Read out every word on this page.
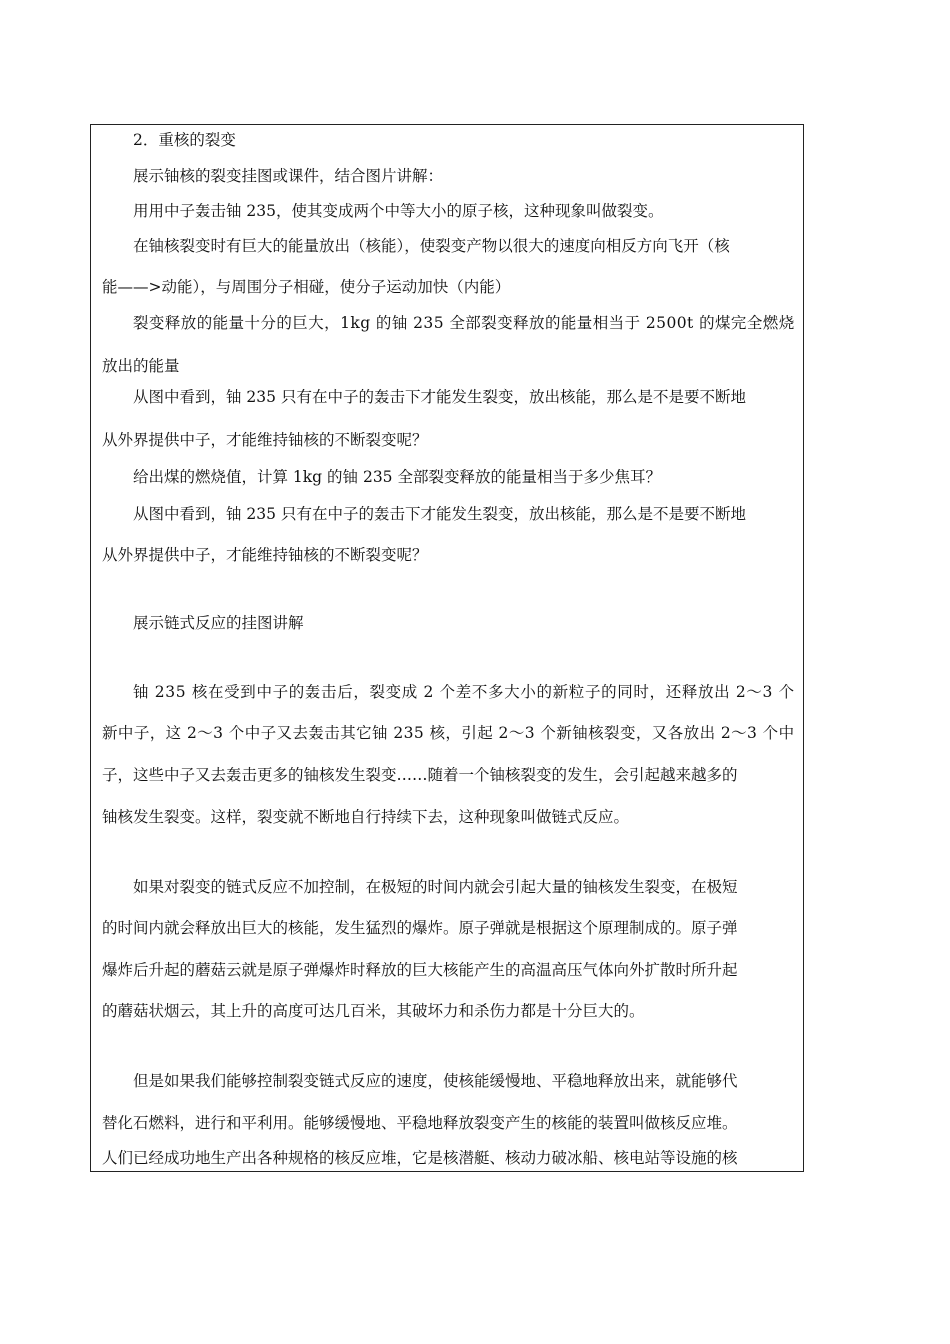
2．重核的裂变
展示铀核的裂变挂图或课件，结合图片讲解：
用用中子轰击铀 235，使其变成两个中等大小的原子核，这种现象叫做裂变。
在铀核裂变时有巨大的能量放出（核能），使裂变产物以很大的速度向相反方向飞开（核
能——>动能），与周围分子相碰，使分子运动加快（内能）
裂变释放的能量十分的巨大，1kg 的铀 235 全部裂变释放的能量相当于 2500t 的煤完全燃烧
放出的能量
从图中看到，铀 235 只有在中子的轰击下才能发生裂变，放出核能，那么是不是要不断地
从外界提供中子，才能维持铀核的不断裂变呢？
给出煤的燃烧值，计算 1kg 的铀 235 全部裂变释放的能量相当于多少焦耳？
从图中看到，铀 235 只有在中子的轰击下才能发生裂变，放出核能，那么是不是要不断地
从外界提供中子，才能维持铀核的不断裂变呢？
展示链式反应的挂图讲解
铀 235 核在受到中子的轰击后，裂变成 2 个差不多大小的新粒子的同时，还释放出 2～3 个
新中子，这 2～3 个中子又去轰击其它铀 235 核，引起 2～3 个新铀核裂变，又各放出 2～3 个中
子，这些中子又去轰击更多的铀核发生裂变……随着一个铀核裂变的发生，会引起越来越多的
铀核发生裂变。这样，裂变就不断地自行持续下去，这种现象叫做链式反应。
如果对裂变的链式反应不加控制，在极短的时间内就会引起大量的铀核发生裂变，在极短
的时间内就会释放出巨大的核能，发生猛烈的爆炸。原子弹就是根据这个原理制成的。原子弹
爆炸后升起的蘑菇云就是原子弹爆炸时释放的巨大核能产生的高温高压气体向外扩散时所升起
的蘑菇状烟云，其上升的高度可达几百米，其破坏力和杀伤力都是十分巨大的。
但是如果我们能够控制裂变链式反应的速度，使核能缓慢地、平稳地释放出来，就能够代
替化石燃料，进行和平利用。能够缓慢地、平稳地释放裂变产生的核能的装置叫做核反应堆。
人们已经成功地生产出各种规格的核反应堆，它是核潜艇、核动力破冰船、核电站等设施的核
